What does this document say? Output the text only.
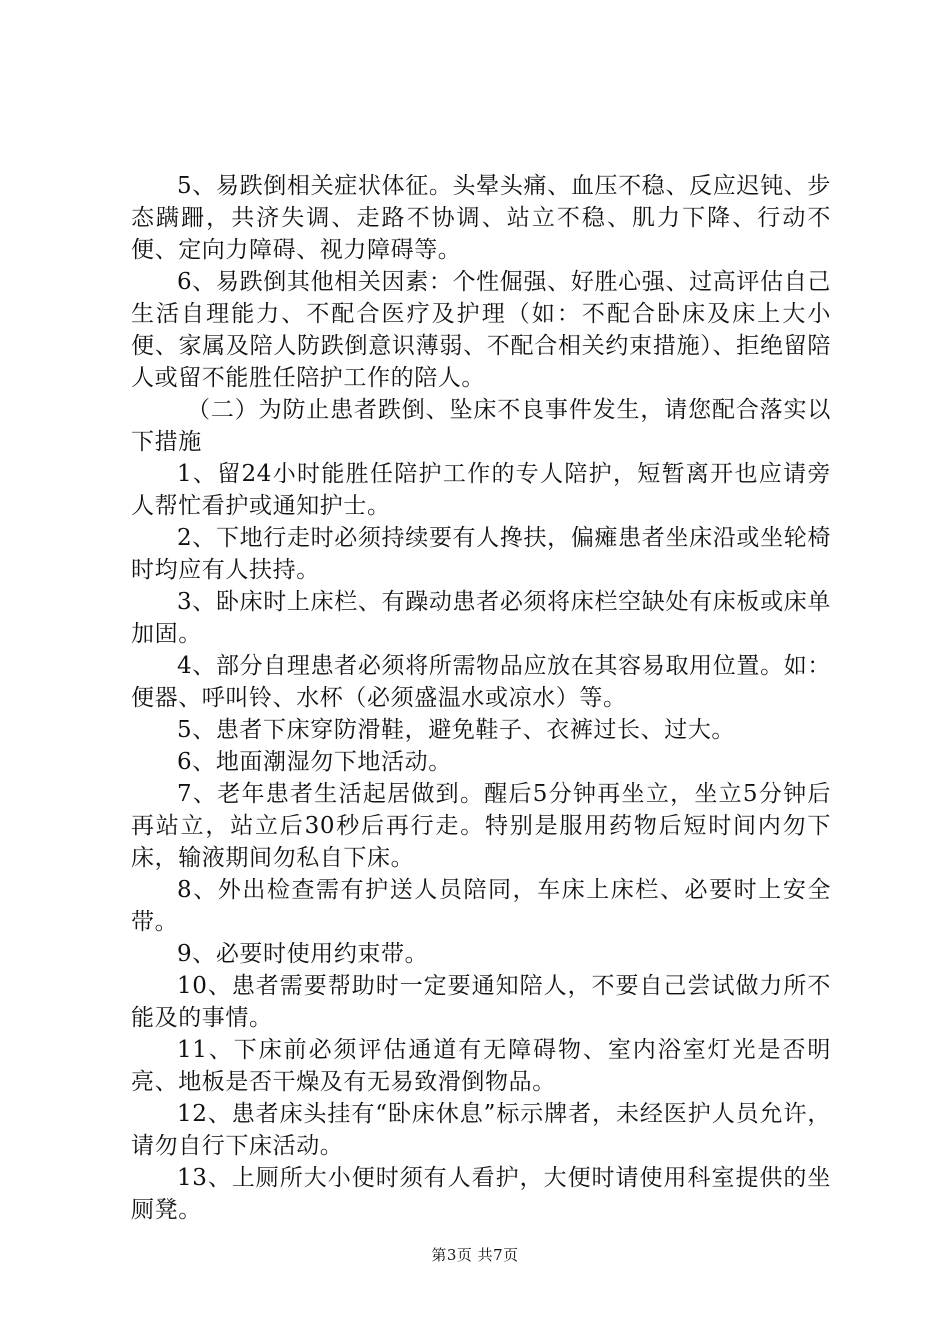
5、易跌倒相关症状体征。头晕头痛、血压不稳、反应迟钝、步态蹒跚，共济失调、走路不协调、站立不稳、肌力下降、行动不便、定向力障碍、视力障碍等。

6、易跌倒其他相关因素：个性倔强、好胜心强、过高评估自己生活自理能力、不配合医疗及护理（如：不配合卧床及床上大小便、家属及陪人防跌倒意识薄弱、不配合相关约束措施）、拒绝留陪人或留不能胜任陪护工作的陪人。

（二）为防止患者跌倒、坠床不良事件发生，请您配合落实以下措施

1、留24小时能胜任陪护工作的专人陪护，短暂离开也应请旁人帮忙看护或通知护士。

2、下地行走时必须持续要有人搀扶，偏瘫患者坐床沿或坐轮椅时均应有人扶持。

3、卧床时上床栏、有躁动患者必须将床栏空缺处有床板或床单加固。

4、部分自理患者必须将所需物品应放在其容易取用位置。如：便器、呼叫铃、水杯（必须盛温水或凉水）等。

5、患者下床穿防滑鞋，避免鞋子、衣裤过长、过大。

6、地面潮湿勿下地活动。

7、老年患者生活起居做到。醒后5分钟再坐立，坐立5分钟后再站立，站立后30秒后再行走。特别是服用药物后短时间内勿下床，输液期间勿私自下床。

8、外出检查需有护送人员陪同，车床上床栏、必要时上安全带。

9、必要时使用约束带。

10、患者需要帮助时一定要通知陪人，不要自己尝试做力所不能及的事情。

11、下床前必须评估通道有无障碍物、室内浴室灯光是否明亮、地板是否干燥及有无易致滑倒物品。

12、患者床头挂有“卧床休息”标示牌者，未经医护人员允许，请勿自行下床活动。

13、上厕所大小便时须有人看护，大便时请使用科室提供的坐厕凳。

第3页 共7页
